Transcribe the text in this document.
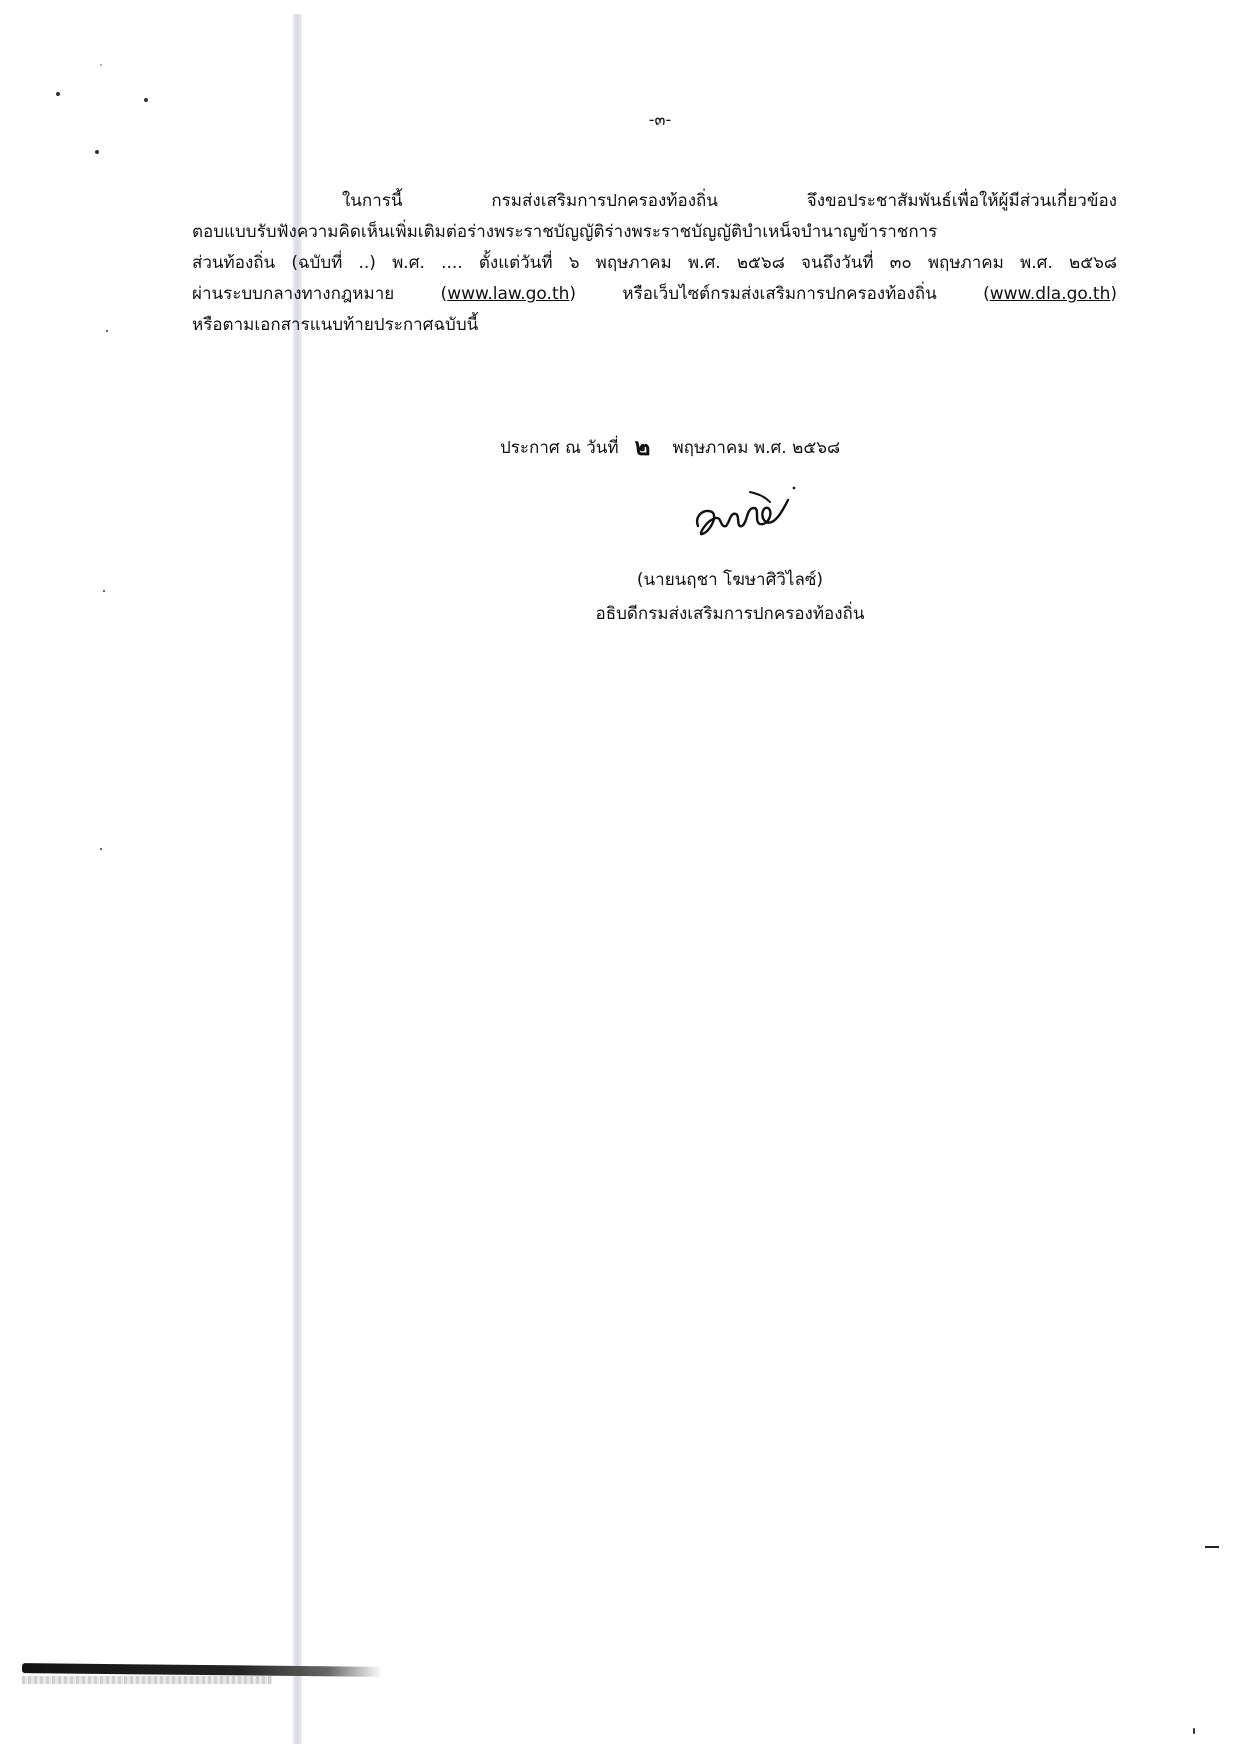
-๓-
ในการนี้ กรมส่งเสริมการปกครองท้องถิ่น จึงขอประชาสัมพันธ์เพื่อให้ผู้มีส่วนเกี่ยวข้อง
ตอบแบบรับฟังความคิดเห็นเพิ่มเติมต่อร่างพระราชบัญญัติร่างพระราชบัญญัติบำเหน็จบำนาญข้าราชการ
ส่วนท้องถิ่น (ฉบับที่ ..) พ.ศ. .... ตั้งแต่วันที่ ๖ พฤษภาคม พ.ศ. ๒๕๖๘ จนถึงวันที่ ๓๐ พฤษภาคม พ.ศ. ๒๕๖๘
ผ่านระบบกลางทางกฎหมาย (www.law.go.th) หรือเว็บไซต์กรมส่งเสริมการปกครองท้องถิ่น (www.dla.go.th)
หรือตามเอกสารแนบท้ายประกาศฉบับนี้
ประกาศ ณ วันที่ ๒ พฤษภาคม พ.ศ. ๒๕๖๘
(นายนฤชา โฆษาศิวิไลซ์)
อธิบดีกรมส่งเสริมการปกครองท้องถิ่น
